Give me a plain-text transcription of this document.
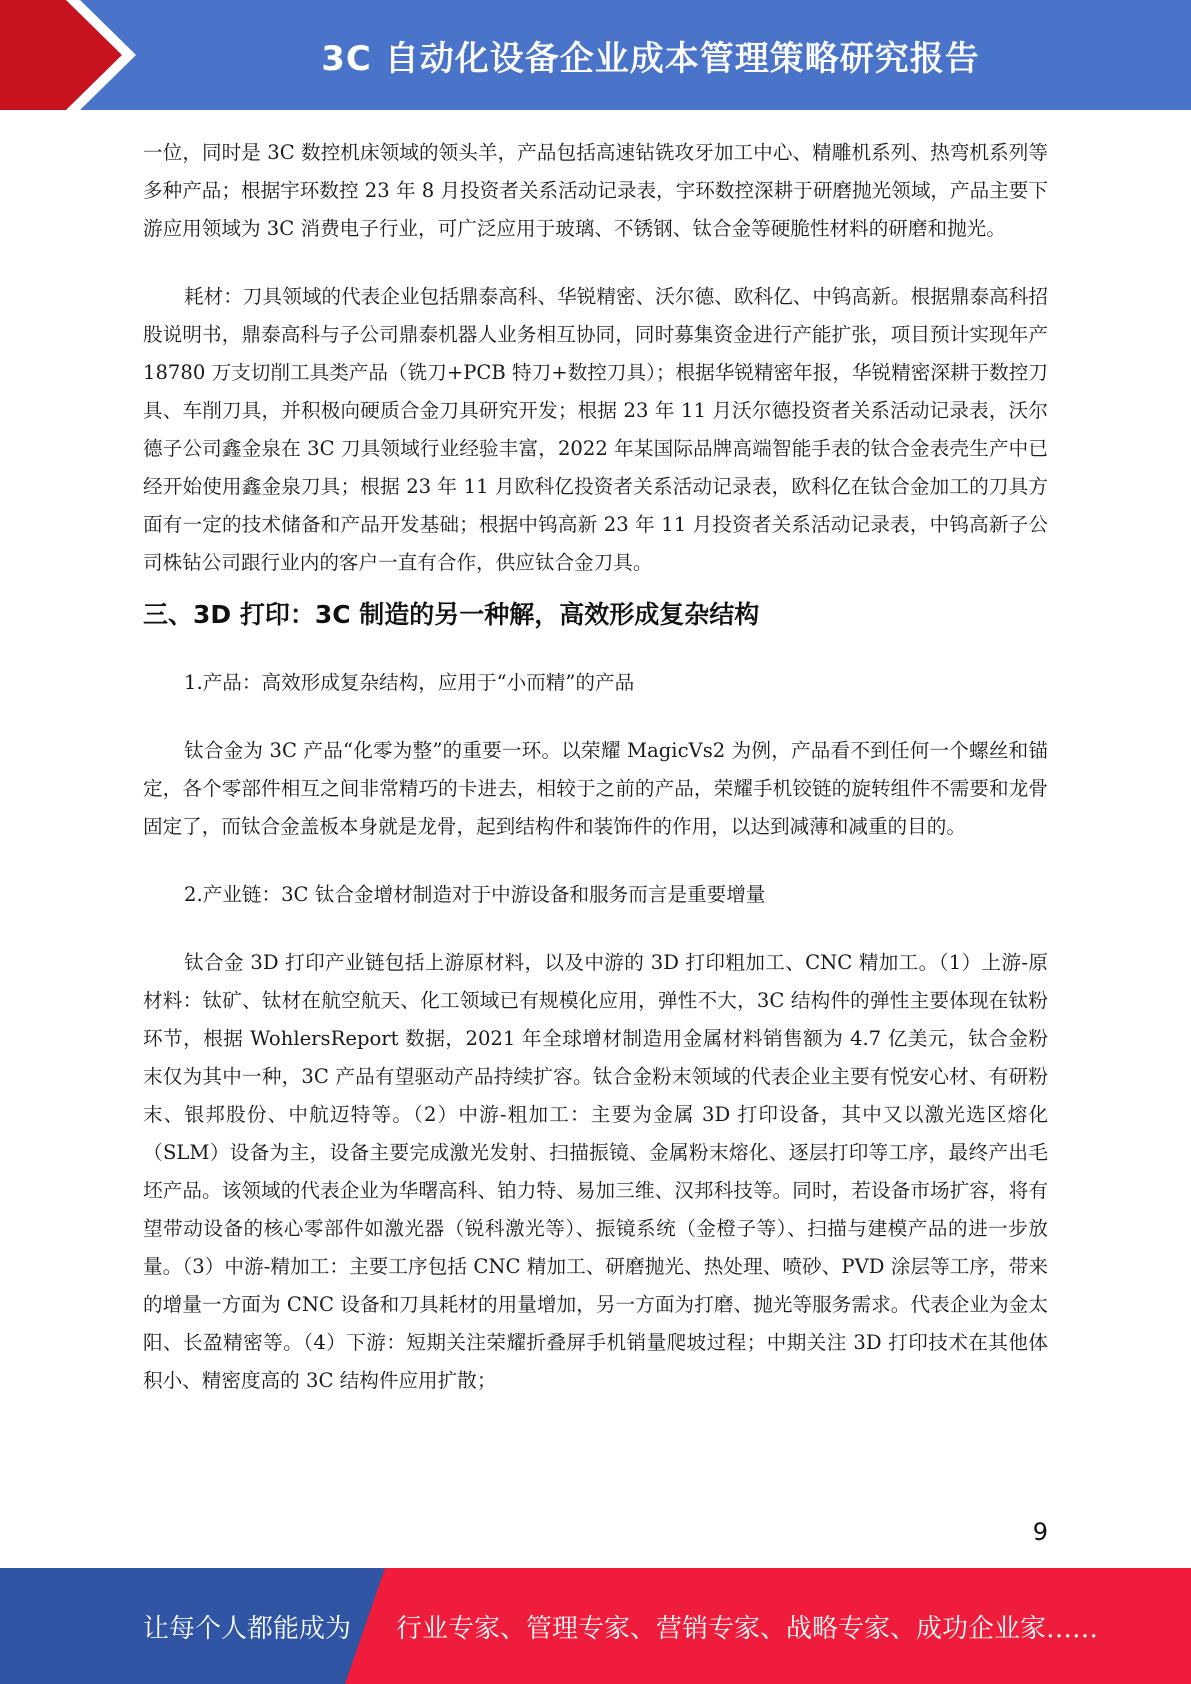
3C 自动化设备企业成本管理策略研究报告

一位，同时是 3C 数控机床领域的领头羊，产品包括高速钻铣攻牙加工中心、精雕机系列、热弯机系列等多种产品；根据宇环数控 23 年 8 月投资者关系活动记录表，宇环数控深耕于研磨抛光领域，产品主要下游应用领域为 3C 消费电子行业，可广泛应用于玻璃、不锈钢、钛合金等硬脆性材料的研磨和抛光。

耗材：刀具领域的代表企业包括鼎泰高科、华锐精密、沃尔德、欧科亿、中钨高新。根据鼎泰高科招股说明书，鼎泰高科与子公司鼎泰机器人业务相互协同，同时募集资金进行产能扩张，项目预计实现年产 18780 万支切削工具类产品（铣刀+PCB 特刀+数控刀具）；根据华锐精密年报，华锐精密深耕于数控刀具、车削刀具，并积极向硬质合金刀具研究开发；根据 23 年 11 月沃尔德投资者关系活动记录表，沃尔德子公司鑫金泉在 3C 刀具领域行业经验丰富，2022 年某国际品牌高端智能手表的钛合金表壳生产中已经开始使用鑫金泉刀具；根据 23 年 11 月欧科亿投资者关系活动记录表，欧科亿在钛合金加工的刀具方面有一定的技术储备和产品开发基础；根据中钨高新 23 年 11 月投资者关系活动记录表，中钨高新子公司株钻公司跟行业内的客户一直有合作，供应钛合金刀具。

三、3D 打印：3C 制造的另一种解，高效形成复杂结构

1.产品：高效形成复杂结构，应用于“小而精”的产品

钛合金为 3C 产品“化零为整”的重要一环。以荣耀 MagicVs2 为例，产品看不到任何一个螺丝和锚定，各个零部件相互之间非常精巧的卡进去，相较于之前的产品，荣耀手机铰链的旋转组件不需要和龙骨固定了，而钛合金盖板本身就是龙骨，起到结构件和装饰件的作用，以达到减薄和减重的目的。

2.产业链：3C 钛合金增材制造对于中游设备和服务而言是重要增量

钛合金 3D 打印产业链包括上游原材料，以及中游的 3D 打印粗加工、CNC 精加工。（1）上游-原材料：钛矿、钛材在航空航天、化工领域已有规模化应用，弹性不大，3C 结构件的弹性主要体现在钛粉环节，根据 WohlersReport 数据，2021 年全球增材制造用金属材料销售额为 4.7 亿美元，钛合金粉末仅为其中一种，3C 产品有望驱动产品持续扩容。钛合金粉末领域的代表企业主要有悦安心材、有研粉末、银邦股份、中航迈特等。（2）中游-粗加工：主要为金属 3D 打印设备，其中又以激光选区熔化（SLM）设备为主，设备主要完成激光发射、扫描振镜、金属粉末熔化、逐层打印等工序，最终产出毛坯产品。该领域的代表企业为华曙高科、铂力特、易加三维、汉邦科技等。同时，若设备市场扩容，将有望带动设备的核心零部件如激光器（锐科激光等）、振镜系统（金橙子等）、扫描与建模产品的进一步放量。（3）中游-精加工：主要工序包括 CNC 精加工、研磨抛光、热处理、喷砂、PVD 涂层等工序，带来的增量一方面为 CNC 设备和刀具耗材的用量增加，另一方面为打磨、抛光等服务需求。代表企业为金太阳、长盈精密等。（4）下游：短期关注荣耀折叠屏手机销量爬坡过程；中期关注 3D 打印技术在其他体积小、精密度高的 3C 结构件应用扩散；

9
让每个人都能成为 行业专家、管理专家、营销专家、战略专家、成功企业家……
